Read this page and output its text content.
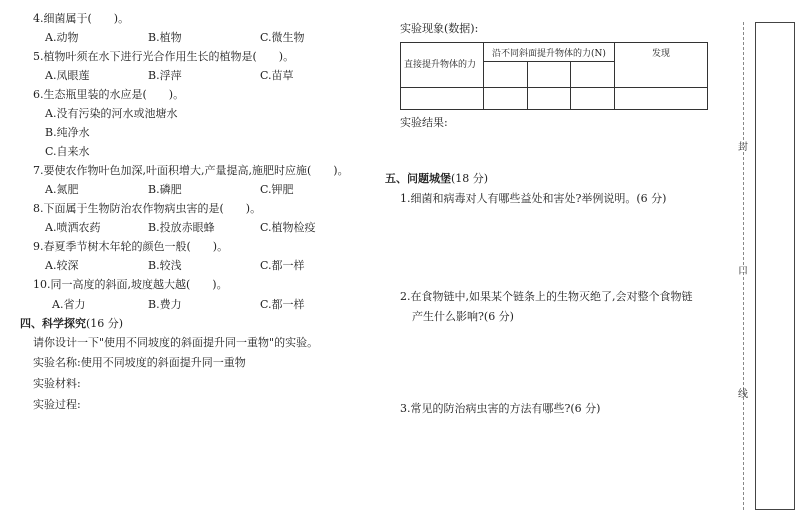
4.细菌属于(　　)。
A.动物	B.植物	C.微生物
5.植物叶须在水下进行光合作用生长的植物是(　　)。
A.凤眼莲	B.浮萍	C.苗草
6.生态瓶里装的水应是(　　)。
A.没有污染的河水或池塘水
B.纯净水
C.自来水
7.要使农作物叶色加深,叶面积增大,产量提高,施肥时应施(　　)。
A.氮肥	B.磷肥	C.钾肥
8.下面属于生物防治农作物病虫害的是(　　)。
A.喷洒农药	B.投放赤眼蜂	C.植物检疫
9.春夏季节树木年轮的颜色一般(　　)。
A.较深	B.较浅	C.都一样
10.同一高度的斜面,坡度越大越(　　)。
A.省力	B.费力	C.都一样
四、科学探究(16 分)
请你设计一下"使用不同坡度的斜面提升同一重物"的实验。
实验名称:使用不同坡度的斜面提升同一重物
实验材料:
实验过程:
实验现象(数据):
直接提升物体的力	沿不同斜面提升物体的力(N)			发现

实验结果:
五、问题城堡(18 分)
1.细菌和病毒对人有哪些益处和害处?举例说明。(6 分)
2.在食物链中,如果某个链条上的生物灭绝了,会对整个食物链
产生什么影响?(6 分)
3.常见的防治病虫害的方法有哪些?(6 分)
封
口
线
